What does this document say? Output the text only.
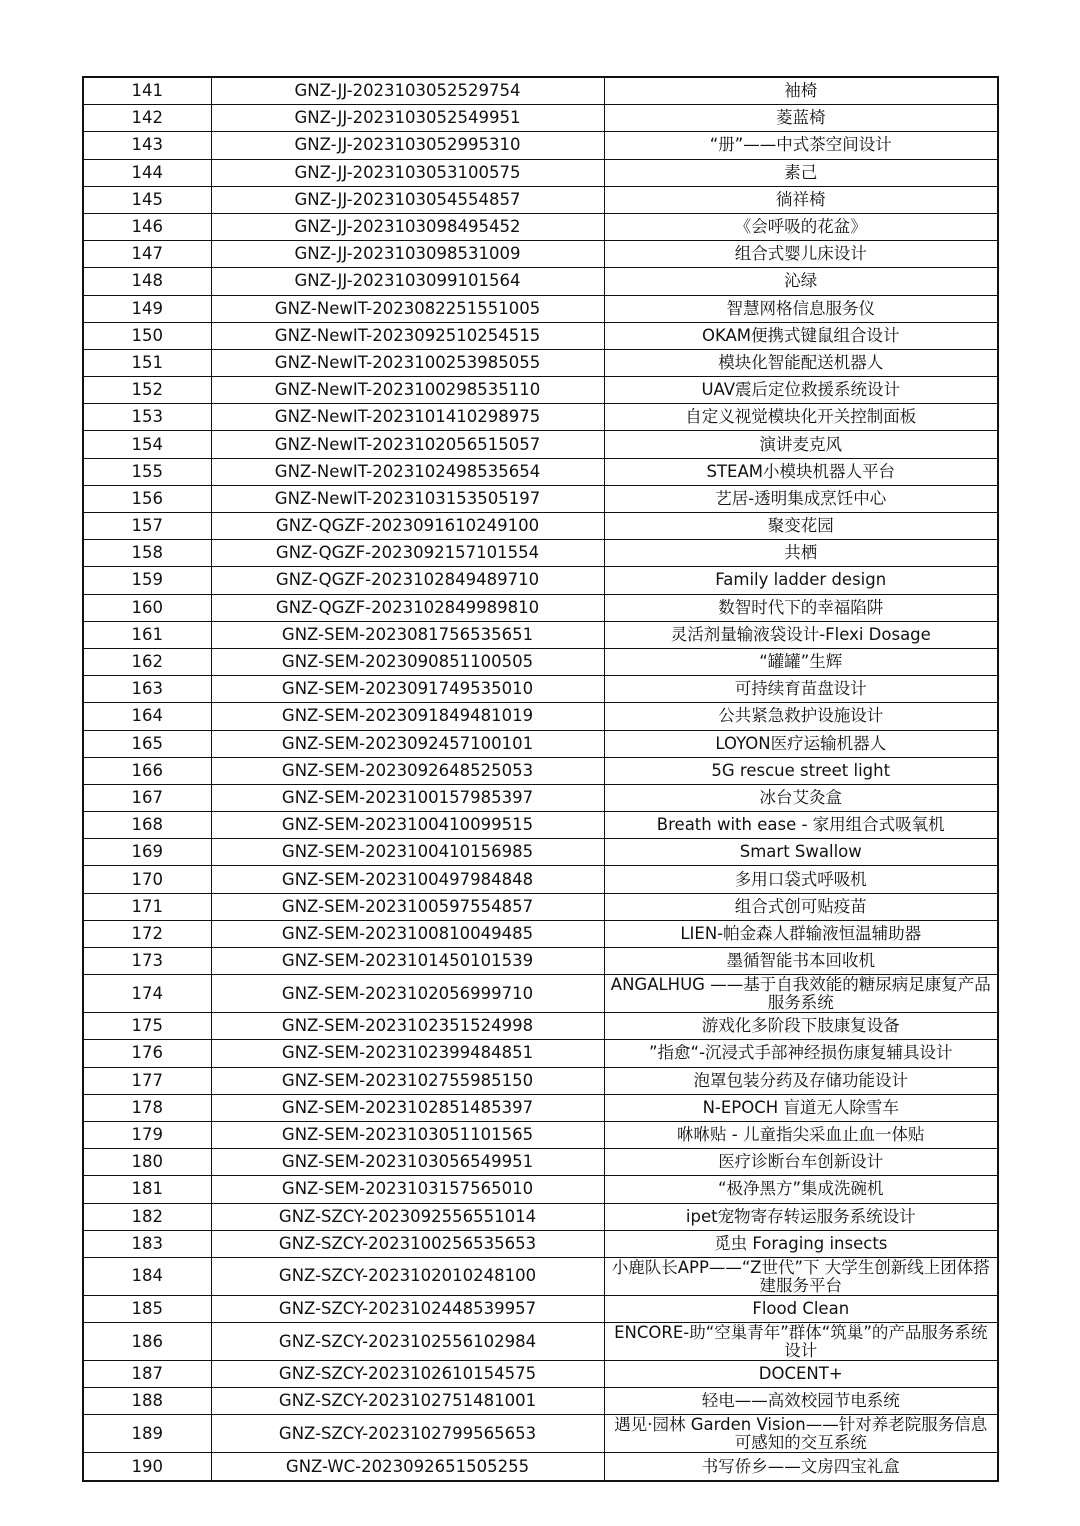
141	GNZ-JJ-2023103052529754	袖椅
142	GNZ-JJ-2023103052549951	菱蓝椅
143	GNZ-JJ-2023103052995310	“册”——中式茶空间设计
144	GNZ-JJ-2023103053100575	素己
145	GNZ-JJ-2023103054554857	徜祥椅
146	GNZ-JJ-2023103098495452	《会呼吸的花盆》
147	GNZ-JJ-2023103098531009	组合式婴儿床设计
148	GNZ-JJ-2023103099101564	沁绿
149	GNZ-NewIT-2023082251551005	智慧网格信息服务仪
150	GNZ-NewIT-2023092510254515	OKAM便携式键鼠组合设计
151	GNZ-NewIT-2023100253985055	模块化智能配送机器人
152	GNZ-NewIT-2023100298535110	UAV震后定位救援系统设计
153	GNZ-NewIT-2023101410298975	自定义视觉模块化开关控制面板
154	GNZ-NewIT-2023102056515057	演讲麦克风
155	GNZ-NewIT-2023102498535654	STEAM小模块机器人平台
156	GNZ-NewIT-2023103153505197	艺居-透明集成烹饪中心
157	GNZ-QGZF-2023091610249100	聚变花园
158	GNZ-QGZF-2023092157101554	共栖
159	GNZ-QGZF-2023102849489710	Family ladder design
160	GNZ-QGZF-2023102849989810	数智时代下的幸福陷阱
161	GNZ-SEM-2023081756535651	灵活剂量输液袋设计-Flexi Dosage
162	GNZ-SEM-2023090851100505	“罐罐”生辉
163	GNZ-SEM-2023091749535010	可持续育苗盘设计
164	GNZ-SEM-2023091849481019	公共紧急救护设施设计
165	GNZ-SEM-2023092457100101	LOYON医疗运输机器人
166	GNZ-SEM-2023092648525053	5G rescue street light
167	GNZ-SEM-2023100157985397	冰台艾灸盒
168	GNZ-SEM-2023100410099515	Breath with ease - 家用组合式吸氧机
169	GNZ-SEM-2023100410156985	Smart Swallow
170	GNZ-SEM-2023100497984848	多用口袋式呼吸机
171	GNZ-SEM-2023100597554857	组合式创可贴疫苗
172	GNZ-SEM-2023100810049485	LIEN-帕金森人群输液恒温辅助器
173	GNZ-SEM-2023101450101539	墨循智能书本回收机
174	GNZ-SEM-2023102056999710	ANGALHUG ——基于自我效能的糖尿病足康复产品服务系统
175	GNZ-SEM-2023102351524998	游戏化多阶段下肢康复设备
176	GNZ-SEM-2023102399484851	”指愈“-沉浸式手部神经损伤康复辅具设计
177	GNZ-SEM-2023102755985150	泡罩包装分药及存储功能设计
178	GNZ-SEM-2023102851485397	N-EPOCH 盲道无人除雪车
179	GNZ-SEM-2023103051101565	咻咻贴 - 儿童指尖采血止血一体贴
180	GNZ-SEM-2023103056549951	医疗诊断台车创新设计
181	GNZ-SEM-2023103157565010	“极净黑方”集成洗碗机
182	GNZ-SZCY-2023092556551014	ipet宠物寄存转运服务系统设计
183	GNZ-SZCY-2023100256535653	觅虫 Foraging insects
184	GNZ-SZCY-2023102010248100	小鹿队长APP——“Z世代”下 大学生创新线上团体搭建服务平台
185	GNZ-SZCY-2023102448539957	Flood Clean
186	GNZ-SZCY-2023102556102984	ENCORE-助“空巢青年”群体“筑巢”的产品服务系统设计
187	GNZ-SZCY-2023102610154575	DOCENT+
188	GNZ-SZCY-2023102751481001	轻电——高效校园节电系统
189	GNZ-SZCY-2023102799565653	遇见·园林 Garden Vision——针对养老院服务信息可感知的交互系统
190	GNZ-WC-2023092651505255	书写侨乡——文房四宝礼盒
